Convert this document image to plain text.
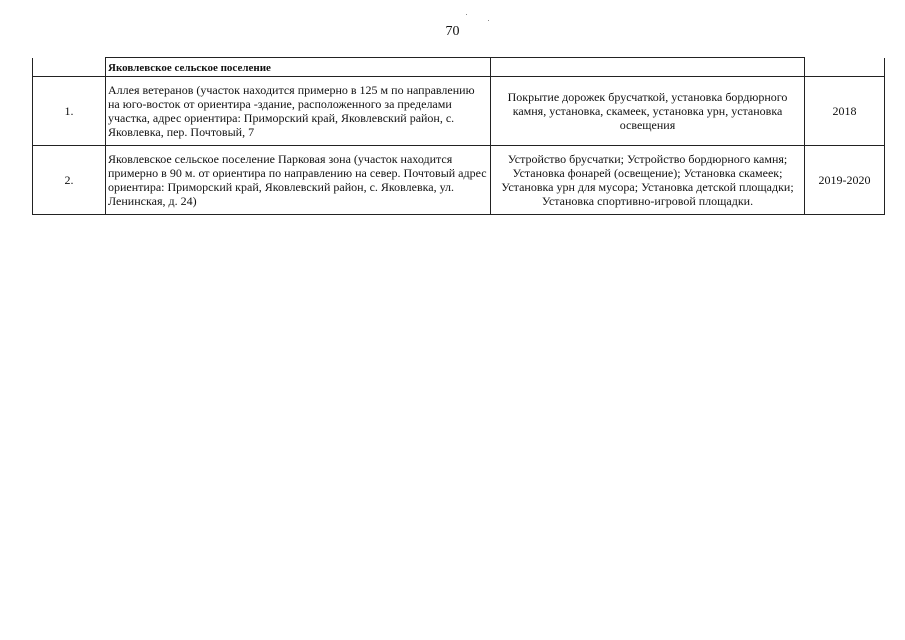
70
	Яковлевское сельское поселение		
1.	Аллея ветеранов (участок находится примерно в 125 м по направлению на юго-восток от ориентира -здание, расположенного за пределами участка, адрес ориентира: Приморский край, Яковлевский район, с. Яковлевка, пер. Почтовый, 7	Покрытие дорожек брусчаткой, установка бордюрного камня, установка, скамеек, установка урн, установка освещения	2018
2.	Яковлевское сельское поселение Парковая зона (участок находится примерно в 90 м. от ориентира по направлению на север. Почтовый адрес ориентира: Приморский край, Яковлевский район, с. Яковлевка, ул. Ленинская, д. 24)	Устройство брусчатки; Устройство бордюрного камня; Установка фонарей (освещение); Установка скамеек; Установка урн для мусора; Установка детской площадки; Установка спортивно-игровой площадки.	2019-2020
